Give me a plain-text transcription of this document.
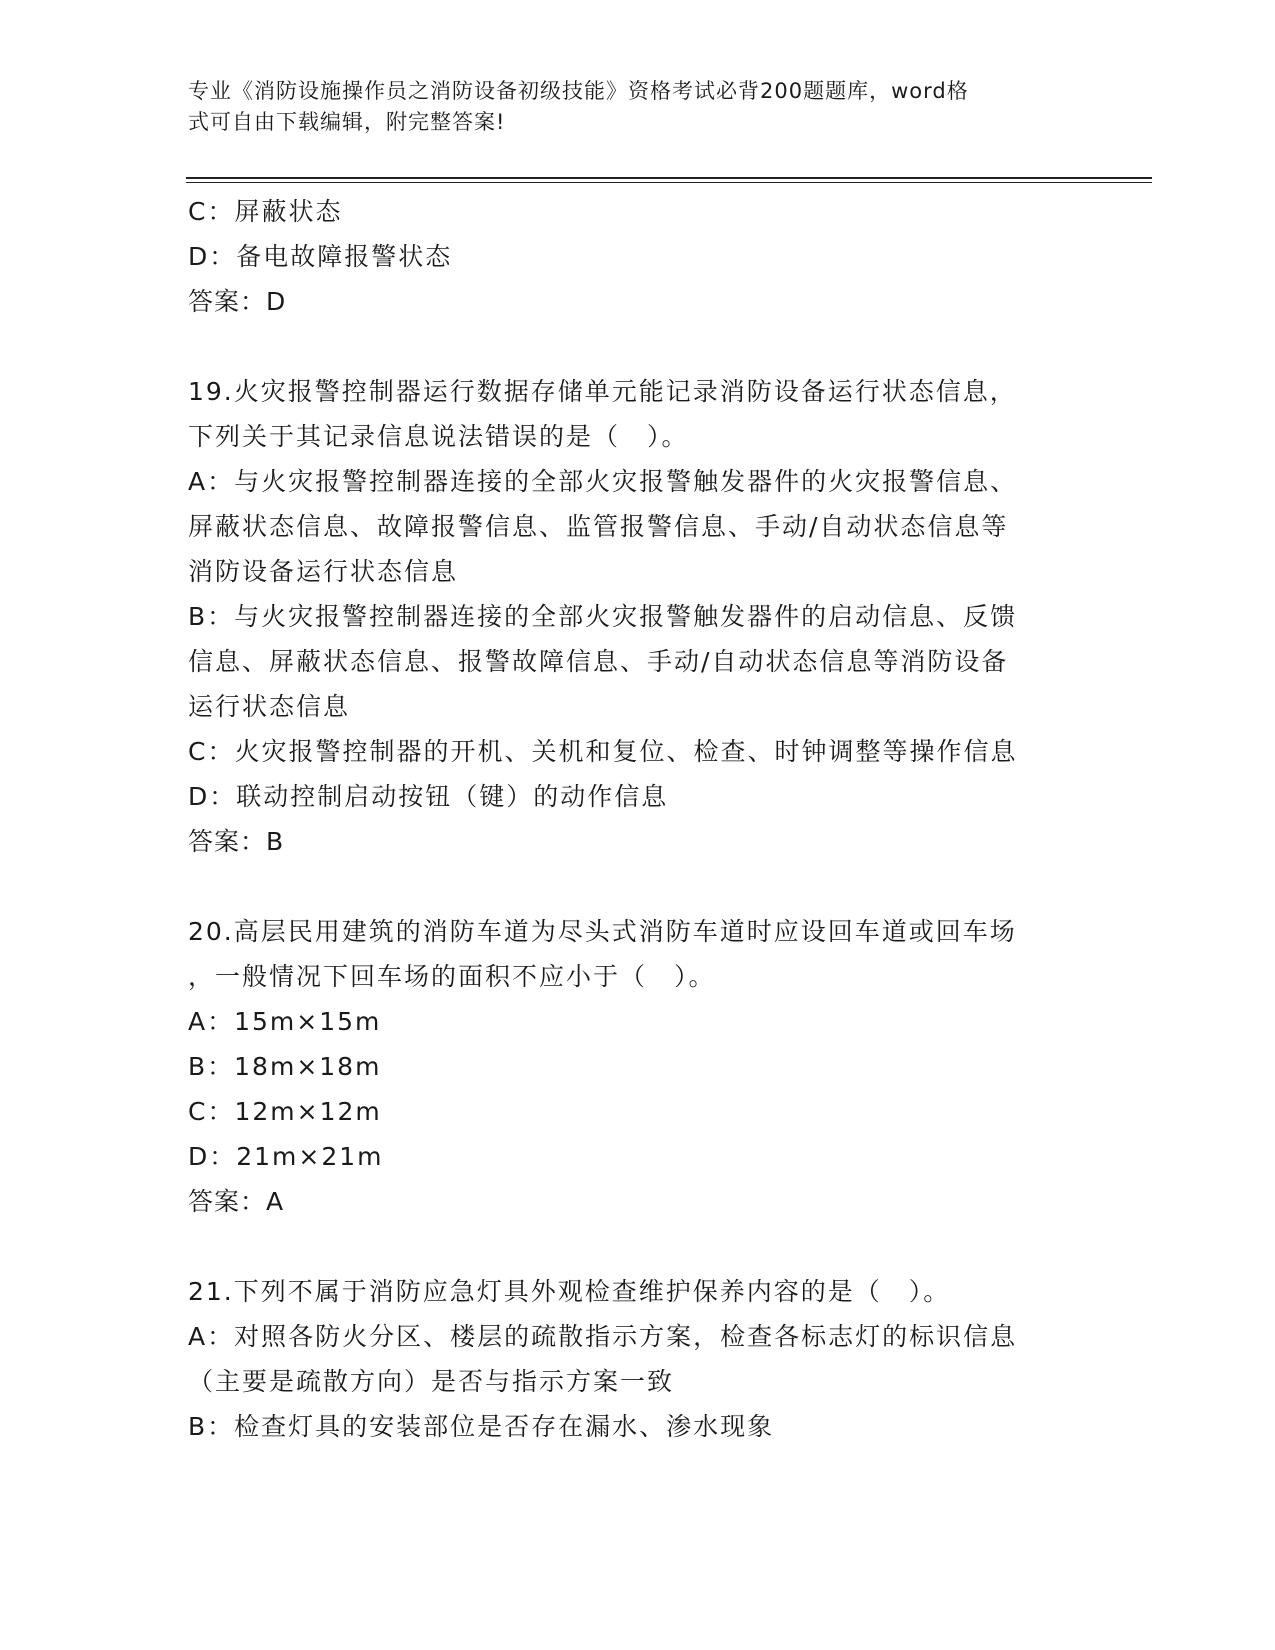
专业《消防设施操作员之消防设备初级技能》资格考试必背200题题库，word格
式可自由下载编辑，附完整答案!
C：屏蔽状态
D：备电故障报警状态
答案：D
19.火灾报警控制器运行数据存储单元能记录消防设备运行状态信息，
下列关于其记录信息说法错误的是（　）。
A：与火灾报警控制器连接的全部火灾报警触发器件的火灾报警信息、
屏蔽状态信息、故障报警信息、监管报警信息、手动/自动状态信息等
消防设备运行状态信息
B：与火灾报警控制器连接的全部火灾报警触发器件的启动信息、反馈
信息、屏蔽状态信息、报警故障信息、手动/自动状态信息等消防设备
运行状态信息
C：火灾报警控制器的开机、关机和复位、检查、时钟调整等操作信息
D：联动控制启动按钮（键）的动作信息
答案：B
20.高层民用建筑的消防车道为尽头式消防车道时应设回车道或回车场
，一般情况下回车场的面积不应小于（　）。
A：15m×15m
B：18m×18m
C：12m×12m
D：21m×21m
答案：A
21.下列不属于消防应急灯具外观检查维护保养内容的是（　）。
A：对照各防火分区、楼层的疏散指示方案，检查各标志灯的标识信息
（主要是疏散方向）是否与指示方案一致
B：检查灯具的安装部位是否存在漏水、渗水现象
